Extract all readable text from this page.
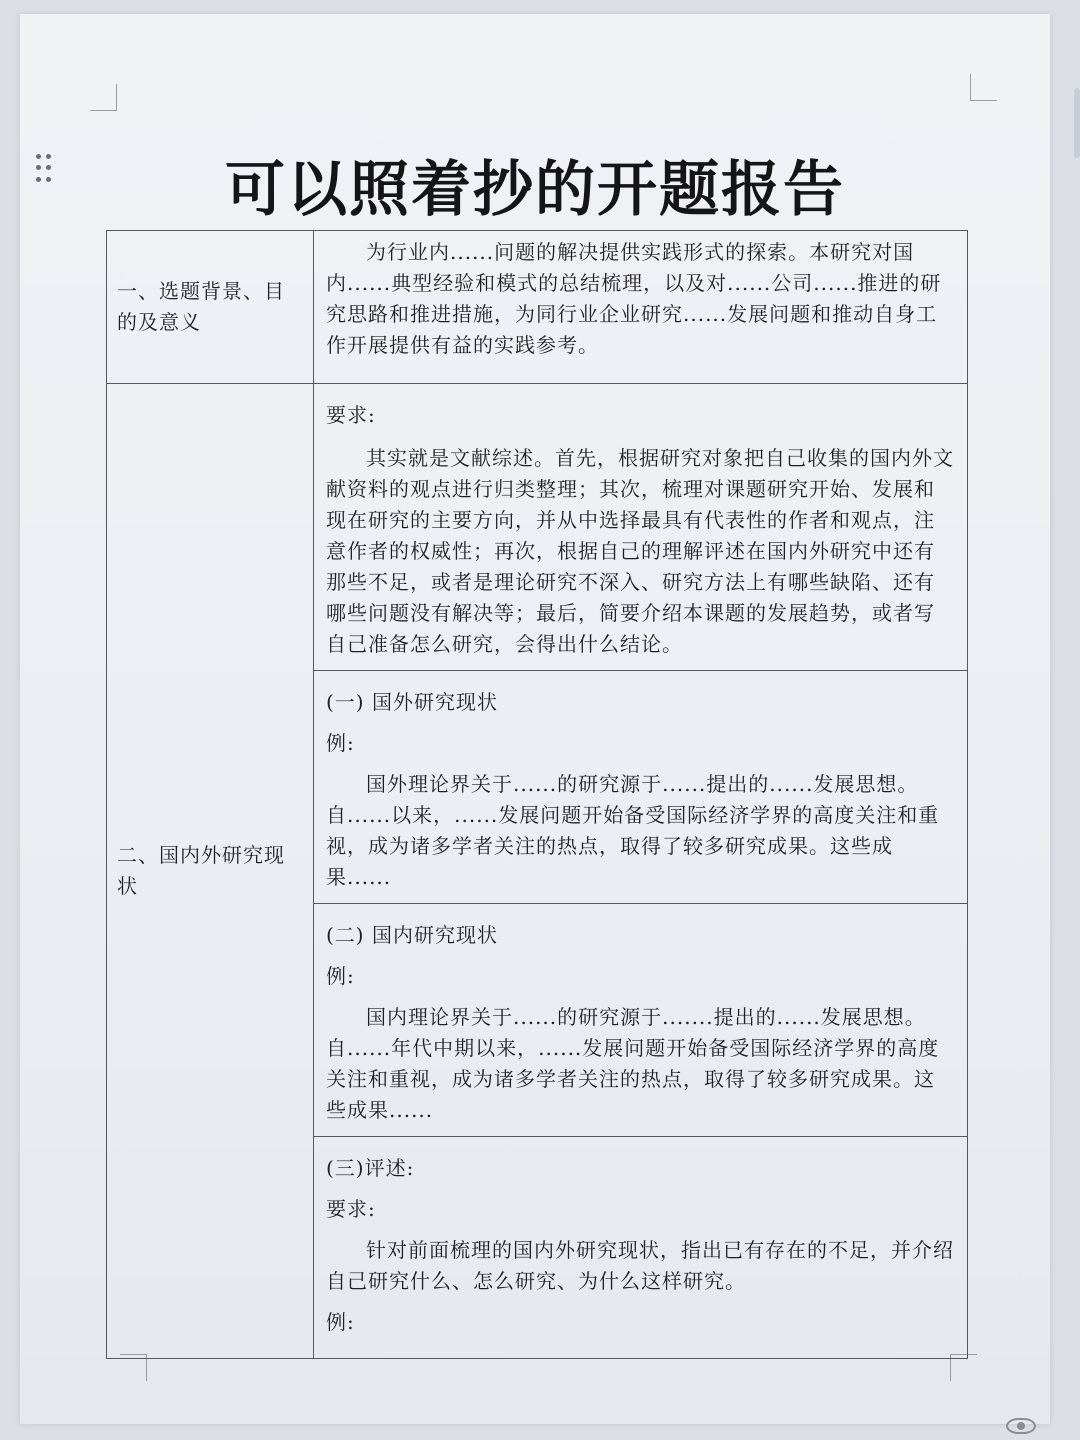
可以照着抄的开题报告
一、选题背景、目的及意义	为行业内......问题的解决提供实践形式的探索。本研究对国内......典型经验和模式的总结梳理，以及对......公司......推进的研究思路和推进措施，为同行业企业研究......发展问题和推动自身工作开展提供有益的实践参考。

二、国内外研究现状	要求:

其实就是文献综述。首先，根据研究对象把自己收集的国内外文献资料的观点进行归类整理；其次，梳理对课题研究开始、发展和现在研究的主要方向，并从中选择最具有代表性的作者和观点，注意作者的权威性；再次，根据自己的理解评述在国内外研究中还有那些不足，或者是理论研究不深入、研究方法上有哪些缺陷、还有哪些问题没有解决等；最后，简要介绍本课题的发展趋势，或者写自己准备怎么研究，会得出什么结论。

	(一) 国外研究现状

例:

国外理论界关于......的研究源于......提出的......发展思想。自......以来，......发展问题开始备受国际经济学界的高度关注和重视，成为诸多学者关注的热点，取得了较多研究成果。这些成果......

	(二) 国内研究现状

例:

国内理论界关于......的研究源于.......提出的......发展思想。自......年代中期以来，......发展问题开始备受国际经济学界的高度关注和重视，成为诸多学者关注的热点，取得了较多研究成果。这些成果......

	(三)评述:

要求:

针对前面梳理的国内外研究现状，指出已有存在的不足，并介绍自己研究什么、怎么研究、为什么这样研究。

例:
